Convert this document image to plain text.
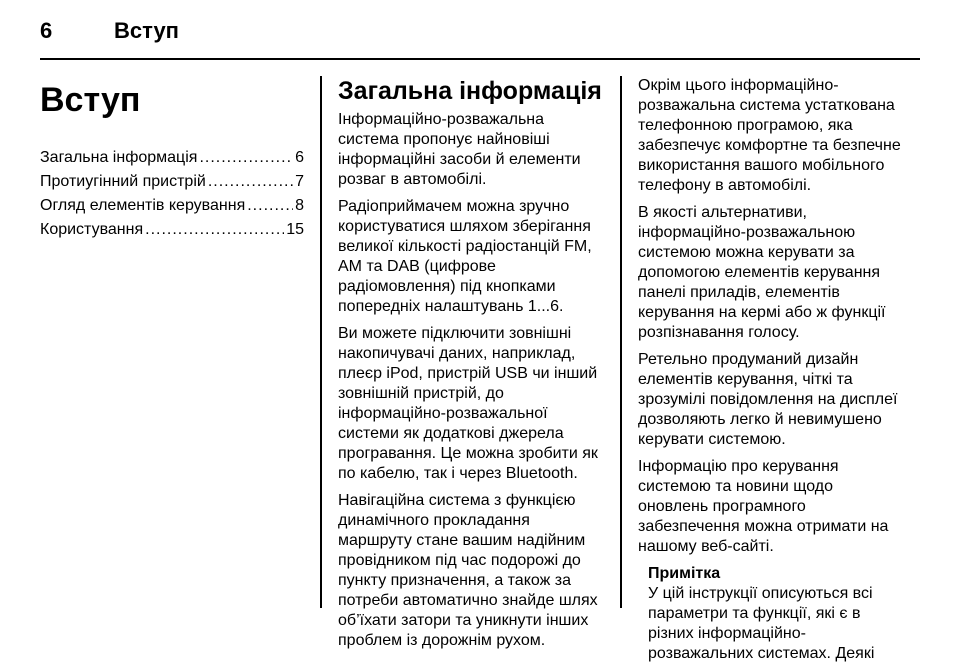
6	Вступ
Вступ
Загальна інформація .....	6
Протиугінний пристрій .....	7
Огляд елементів керування .....	8
Користування .....	15
Загальна інформація

Інформаційно-розважальна система пропонує найновіші інформаційні засоби й елементи розваг в автомобілі.

Радіоприймачем можна зручно користуватися шляхом зберігання великої кількості радіостанцій FM, AM та DAB (цифрове радіомовлення) під кнопками попередніх налаштувань 1...6.

Ви можете підключити зовнішні накопичувачі даних, наприклад, плеєр iPod, пристрій USB чи інший зовнішній пристрій, до інформаційно-розважальної системи як додаткові джерела програвання. Це можна зробити як по кабелю, так і через Bluetooth.

Навігаційна система з функцією динамічного прокладання маршруту стане вашим надійним провідником під час подорожі до пункту призначення, а також за потреби автоматично знайде шлях об’їхати затори та уникнути інших проблем із дорожнім рухом.

Окрім цього інформаційно-розважальна система устаткована телефонною програмою, яка забезпечує комфортне та безпечне використання вашого мобільного телефону в автомобілі.

В якості альтернативи, інформаційно-розважальною системою можна керувати за допомогою елементів керування панелі приладів, елементів керування на кермі або ж функції розпізнавання голосу.

Ретельно продуманий дизайн елементів керування, чіткі та зрозумілі повідомлення на дисплеї дозволяють легко й невимушено керувати системою.

Інформацію про керування системою та новини щодо оновлень програмного забезпечення можна отримати на нашому веб-сайті.

Примітка
У цій інструкції описуються всі параметри та функції, які є в різних інформаційно-розважальних системах. Деякі
